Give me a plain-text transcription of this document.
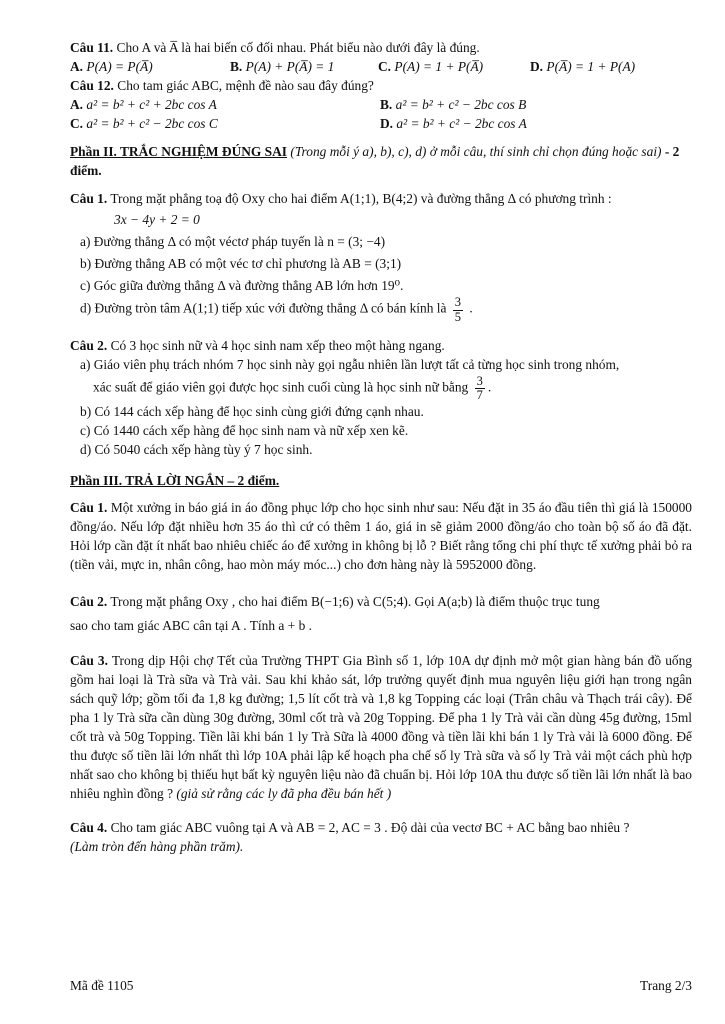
Câu 11. Cho A và A̅ là hai biến cố đối nhau. Phát biểu nào dưới đây là đúng.
A. P(A) = P(A̅)	B. P(A) + P(A̅) = 1	C. P(A) = 1 + P(A̅)	D. P(A̅) = 1 + P(A)
Câu 12. Cho tam giác ABC, mệnh đề nào sau đây đúng?
A. a² = b² + c² + 2bc cos A	B. a² = b² + c² − 2bc cos B
C. a² = b² + c² − 2bc cos C	D. a² = b² + c² − 2bc cos A
Phần II. TRẮC NGHIỆM ĐÚNG SAI (Trong mỗi ý a), b), c), d) ở mỗi câu, thí sinh chỉ chọn đúng hoặc sai) - 2 điểm.
Câu 1. Trong mặt phẳng toạ độ Oxy cho hai điểm A(1;1), B(4;2) và đường thẳng Δ có phương trình :
3x − 4y + 2 = 0
a) Đường thẳng Δ có một véctơ pháp tuyến là n = (3; −4)
b) Đường thẳng AB có một véc tơ chỉ phương là AB = (3;1)
c) Góc giữa đường thẳng Δ và đường thẳng AB lớn hơn 19⁰.
d) Đường tròn tâm A(1;1) tiếp xúc với đường thẳng Δ có bán kính là $\frac{3}{5}$ .
Câu 2. Có 3 học sinh nữ và 4 học sinh nam xếp theo một hàng ngang.
a) Giáo viên phụ trách nhóm 7 học sinh này gọi ngẫu nhiên lần lượt tất cả từng học sinh trong nhóm,
xác suất để giáo viên gọi được học sinh cuối cùng là học sinh nữ bằng $\frac{3}{7}$ .
b) Có 144 cách xếp hàng để học sinh cùng giới đứng cạnh nhau.
c) Có 1440 cách xếp hàng để học sinh nam và nữ xếp xen kẽ.
d) Có 5040 cách xếp hàng tùy ý 7 học sinh.
Phần III. TRẢ LỜI NGẮN – 2 điểm.
Câu 1. Một xưởng in báo giá in áo đồng phục lớp cho học sinh như sau: Nếu đặt in 35 áo đầu tiên thì giá là 150000 đồng/áo. Nếu lớp đặt nhiều hơn 35 áo thì cứ có thêm 1 áo, giá in sẽ giảm 2000 đồng/áo cho toàn bộ số áo đã đặt. Hỏi lớp cần đặt ít nhất bao nhiêu chiếc áo để xưởng in không bị lỗ ? Biết rằng tổng chi phí thực tế xưởng phải bỏ ra (tiền vải, mực in, nhân công, hao mòn máy móc...) cho đơn hàng này là 5952000 đồng.
Câu 2. Trong mặt phẳng Oxy , cho hai điểm B(−1;6) và C(5;4). Gọi A(a;b) là điểm thuộc trục tung
sao cho tam giác ABC cân tại A . Tính a + b .
Câu 3. Trong dịp Hội chợ Tết của Trường THPT Gia Bình số 1, lớp 10A dự định mở một gian hàng bán đồ uống gồm hai loại là Trà sữa và Trà vải. Sau khi khảo sát, lớp trưởng quyết định mua nguyên liệu giới hạn trong ngân sách quỹ lớp; gồm tối đa 1,8 kg đường; 1,5 lít cốt trà và 1,8 kg Topping các loại (Trân châu và Thạch trái cây). Để pha 1 ly Trà sữa cần dùng 30g đường, 30ml cốt trà và 20g Topping. Để pha 1 ly Trà vải cần dùng 45g đường, 15ml cốt trà và 50g Topping. Tiền lãi khi bán 1 ly Trà Sữa là 4000 đồng và tiền lãi khi bán 1 ly Trà vải là 6000 đồng. Để thu được số tiền lãi lớn nhất thì lớp 10A phải lập kế hoạch pha chế số ly Trà sữa và số ly Trà vải một cách phù hợp nhất sao cho không bị thiếu hụt bất kỳ nguyên liệu nào đã chuẩn bị. Hỏi lớp 10A thu được số tiền lãi lớn nhất là bao nhiêu nghìn đồng ? (giả sử rằng các ly đã pha đều bán hết )
Câu 4. Cho tam giác ABC vuông tại A và AB = 2, AC = 3 . Độ dài của vectơ BC + AC bằng bao nhiêu ?
(Làm tròn đến hàng phần trăm).
Mã đề 1105	Trang 2/3
